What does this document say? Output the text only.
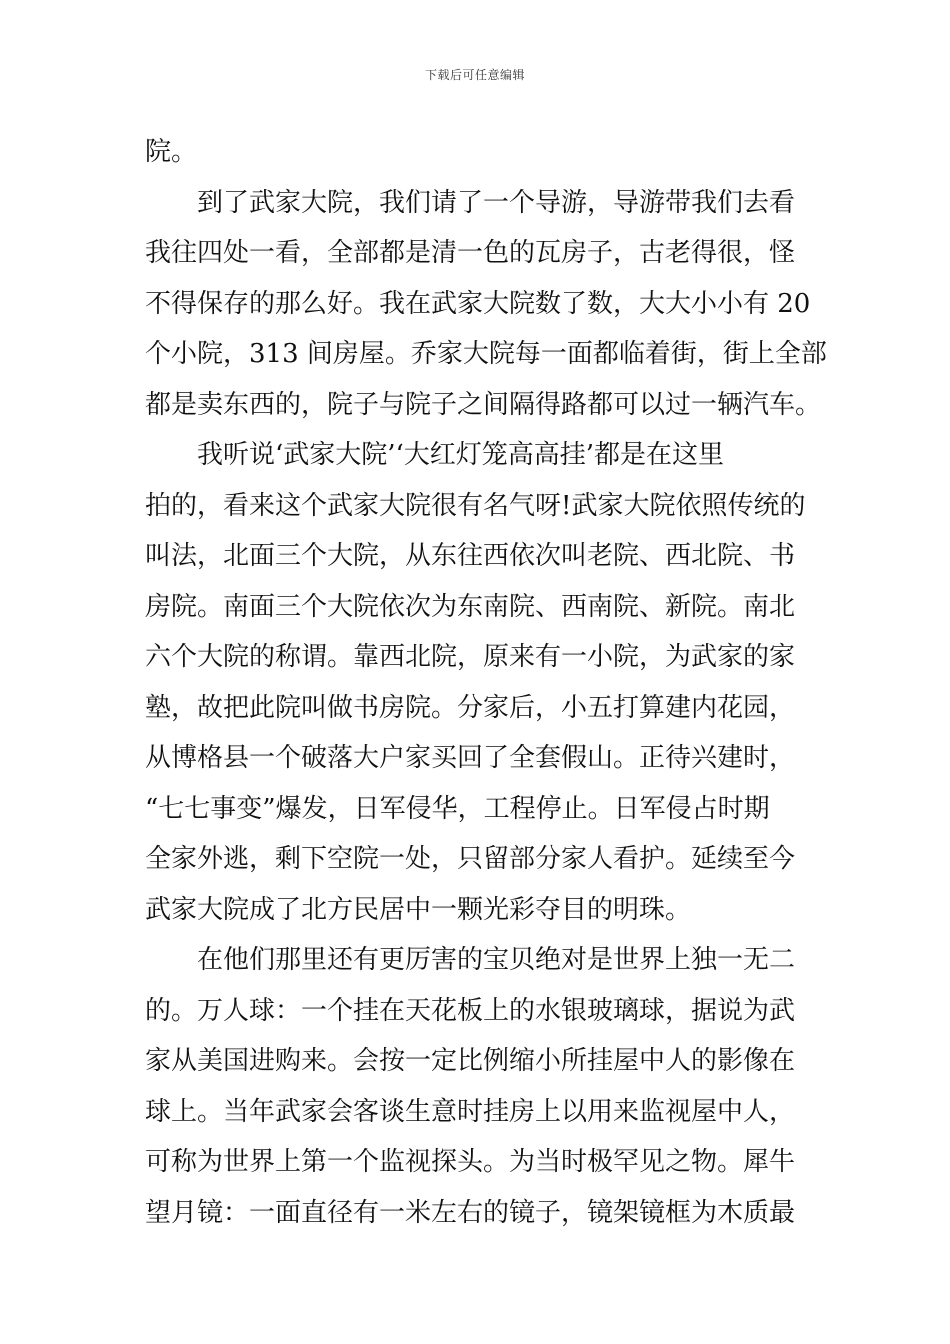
下载后可任意编辑
院。
到了武家大院，我们请了一个导游，导游带我们去看
我往四处一看，全部都是清一色的瓦房子，古老得很，怪
不得保存的那么好。我在武家大院数了数，大大小小有 20
个小院，313 间房屋。乔家大院每一面都临着街，街上全部
都是卖东西的，院子与院子之间隔得路都可以过一辆汽车。
我听说‘武家大院’‘大红灯笼高高挂’都是在这里
拍的，看来这个武家大院很有名气呀!武家大院依照传统的
叫法，北面三个大院，从东往西依次叫老院、西北院、书
房院。南面三个大院依次为东南院、西南院、新院。南北
六个大院的称谓。靠西北院，原来有一小院，为武家的家
塾，故把此院叫做书房院。分家后，小五打算建内花园，
从博格县一个破落大户家买回了全套假山。正待兴建时，
“七七事变”爆发，日军侵华，工程停止。日军侵占时期
全家外逃，剩下空院一处，只留部分家人看护。延续至今
武家大院成了北方民居中一颗光彩夺目的明珠。
在他们那里还有更厉害的宝贝绝对是世界上独一无二
的。万人球：一个挂在天花板上的水银玻璃球，据说为武
家从美国进购来。会按一定比例缩小所挂屋中人的影像在
球上。当年武家会客谈生意时挂房上以用来监视屋中人，
可称为世界上第一个监视探头。为当时极罕见之物。犀牛
望月镜：一面直径有一米左右的镜子，镜架镜框为木质最
